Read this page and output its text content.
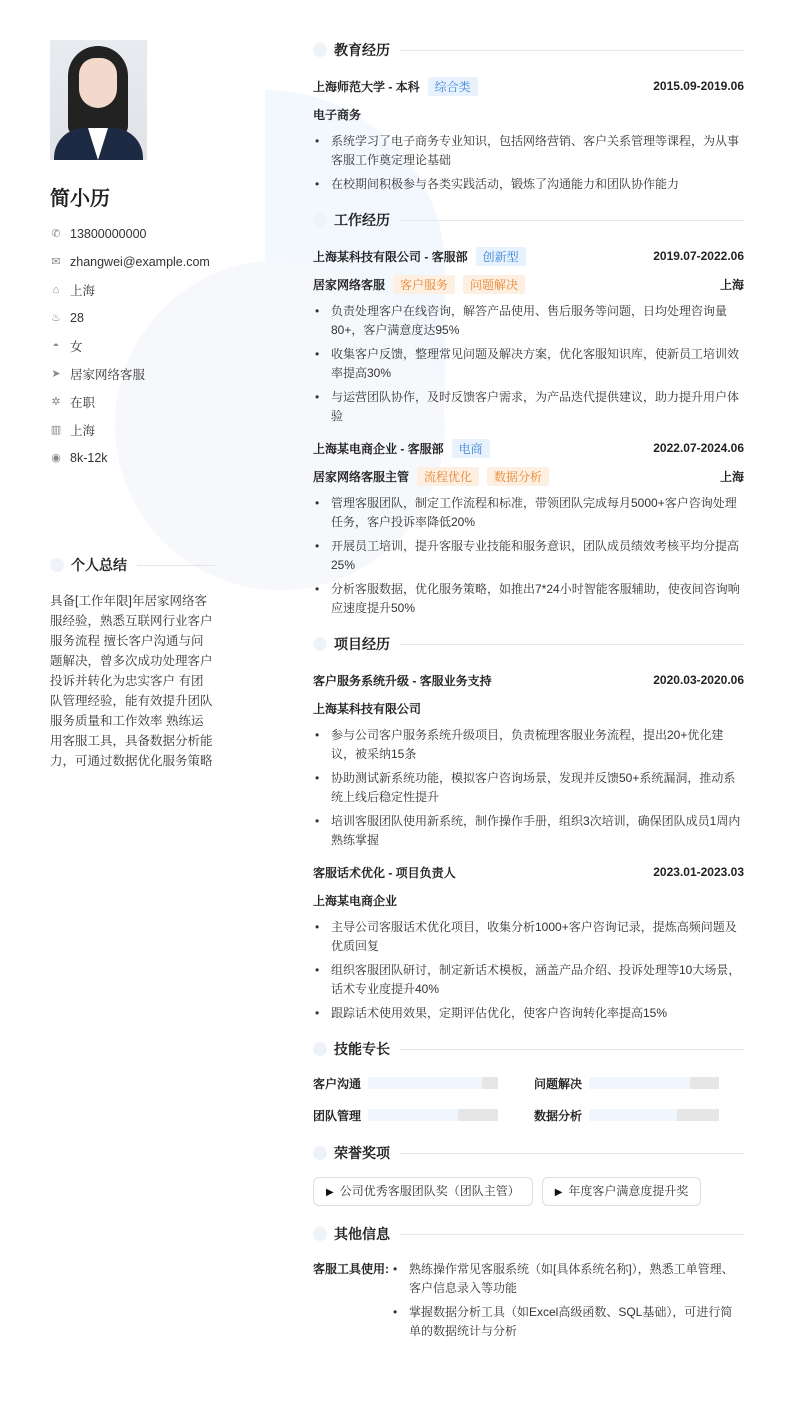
简小历
✆ 13800000000
✉ zhangwei@example.com
⌂ 上海
♨ 28
◓ 女
➤ 居家网络客服
✲ 在职
▥ 上海
◉ 8k-12k
个人总结
具备[工作年限]年居家网络客服经验，熟悉互联网行业客户服务流程 擅长客户沟通与问题解决，曾多次成功处理客户投诉并转化为忠实客户 有团队管理经验，能有效提升团队服务质量和工作效率 熟练运用客服工具，具备数据分析能力，可通过数据优化服务策略
教育经历
上海师范大学 - 本科	综合类	2015.09-2019.06
电子商务
• 系统学习了电子商务专业知识，包括网络营销、客户关系管理等课程，为从事客服工作奠定理论基础
• 在校期间积极参与各类实践活动，锻炼了沟通能力和团队协作能力
工作经历
上海某科技有限公司 - 客服部	创新型	2019.07-2022.06
居家网络客服	客户服务	问题解决	上海
• 负责处理客户在线咨询，解答产品使用、售后服务等问题，日均处理咨询量80+，客户满意度达95%
• 收集客户反馈，整理常见问题及解决方案，优化客服知识库，使新员工培训效率提高30%
• 与运营团队协作，及时反馈客户需求，为产品迭代提供建议，助力提升用户体验
上海某电商企业 - 客服部	电商	2022.07-2024.06
居家网络客服主管	流程优化	数据分析	上海
• 管理客服团队，制定工作流程和标准，带领团队完成每月5000+客户咨询处理任务，客户投诉率降低20%
• 开展员工培训，提升客服专业技能和服务意识，团队成员绩效考核平均分提高25%
• 分析客服数据，优化服务策略，如推出7*24小时智能客服辅助，使夜间咨询响应速度提升50%
项目经历
客户服务系统升级 - 客服业务支持	2020.03-2020.06
上海某科技有限公司
• 参与公司客户服务系统升级项目，负责梳理客服业务流程，提出20+优化建议，被采纳15条
• 协助测试新系统功能，模拟客户咨询场景，发现并反馈50+系统漏洞，推动系统上线后稳定性提升
• 培训客服团队使用新系统，制作操作手册，组织3次培训，确保团队成员1周内熟练掌握
客服话术优化 - 项目负责人	2023.01-2023.03
上海某电商企业
• 主导公司客服话术优化项目，收集分析1000+客户咨询记录，提炼高频问题及优质回复
• 组织客服团队研讨，制定新话术模板，涵盖产品介绍、投诉处理等10大场景，话术专业度提升40%
• 跟踪话术使用效果，定期评估优化，使客户咨询转化率提高15%
技能专长
客户沟通	问题解决
团队管理	数据分析
荣誉奖项
▶ 公司优秀客服团队奖（团队主管）	▶ 年度客户满意度提升奖
其他信息
客服工具使用:	• 熟练操作常见客服系统（如[具体系统名称]），熟悉工单管理、客户信息录入等功能
• 掌握数据分析工具（如Excel高级函数、SQL基础），可进行简单的数据统计与分析
